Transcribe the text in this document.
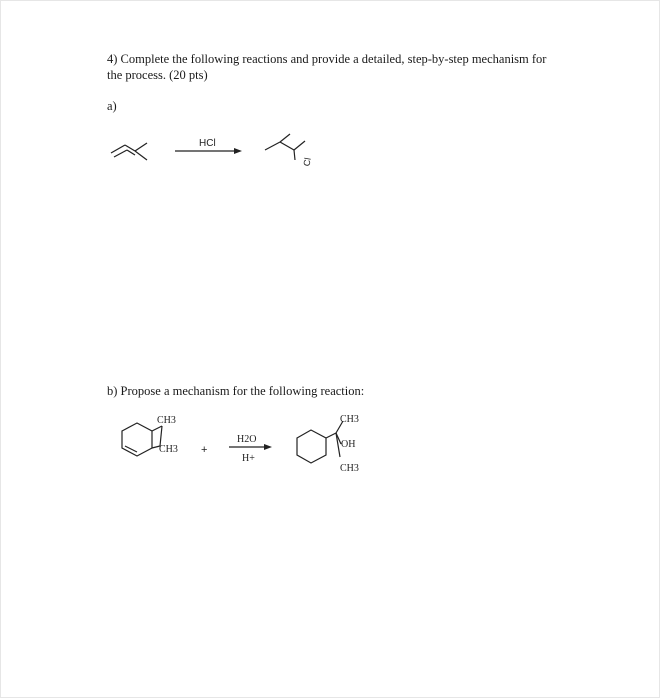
4) Complete the following reactions and provide a detailed, step-by-step mechanism for
the process. (20 pts)
a)
b) Propose a mechanism for the following reaction:
HCl
Cl
CH3
CH3 +
H2O
H+
CH3
OH
CH3
